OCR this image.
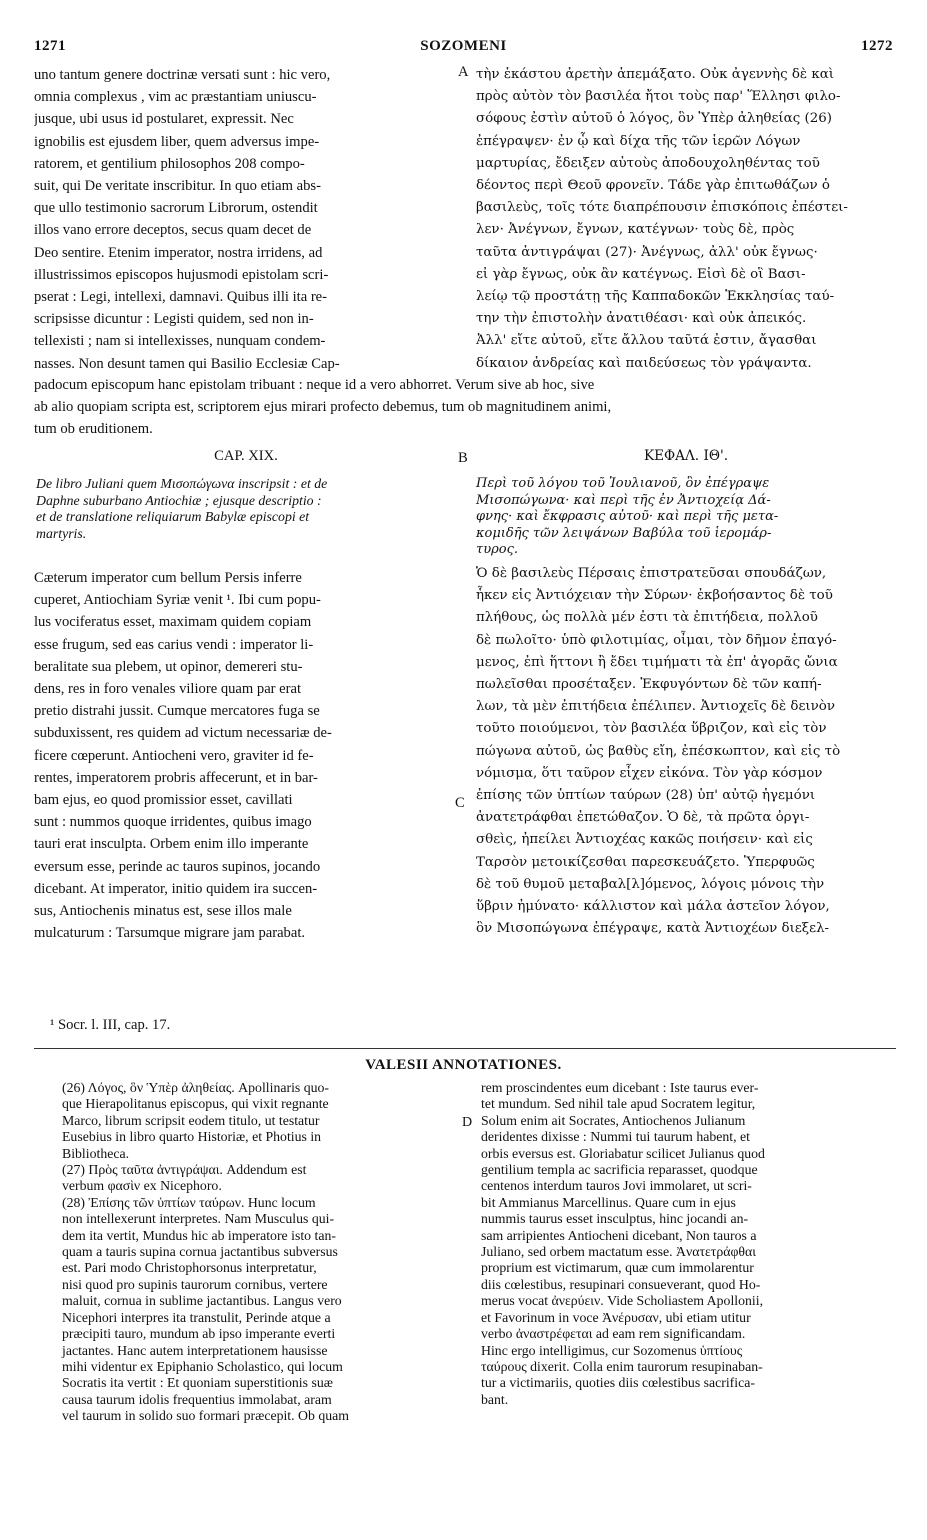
1271	SOZOMENI	1272
uno tantum genere doctrinæ versati sunt : hic vero,
omnia complexus , vim ac præstantiam uniuscu-
jusque, ubi usus id postularet, expressit. Nec
ignobilis est ejusdem liber, quem adversus impe-
ratorem, et gentilium philosophos 208 compo-
suit, qui De veritate inscribitur. In quo etiam abs-
que ullo testimonio sacrorum Librorum, ostendit
illos vano errore deceptos, secus quam decet de
Deo sentire. Etenim imperator, nostra irridens, ad
illustrissimos episcopos hujusmodi epistolam scri-
pserat : Legi, intellexi, damnavi. Quibus illi ita re-
scripsisse dicuntur : Legisti quidem, sed non in-
tellexisti ; nam si intellexisses, nunquam condem-
nasses. Non desunt tamen qui Basilio Ecclesiæ Cap-
τὴν ἑκάστου ἀρετὴν ἀπεμάξατο. Οὐκ ἀγεννὴς δὲ καὶ
πρὸς αὐτὸν τὸν βασιλέα ἤτοι τοὺς παρ' Ἕλλησι φιλο-
σόφους ἐστὶν αὐτοῦ ὁ λόγος, ὃν Ὑπὲρ ἀληθείας (26)
ἐπέγραψεν· ἐν ᾧ καὶ δίχα τῆς τῶν ἱερῶν Λόγων
μαρτυρίας, ἔδειξεν αὐτοὺς ἀποδουχοληθέντας τοῦ
δέοντος περὶ Θεοῦ φρονεῖν. Τάδε γὰρ ἐπιτωθάζων ὁ
βασιλεὺς, τοῖς τότε διαπρέπουσιν ἐπισκόποις ἐπέστει-
λεν· Ἀνέγνων, ἔγνων, κατέγνων· τοὺς δὲ, πρὸς
ταῦτα ἀντιγράψαι (27)· Ἀνέγνως, ἀλλ' οὐκ ἔγνως·
εἰ γὰρ ἔγνως, οὐκ ἂν κατέγνως. Εἰσὶ δὲ οἳ Βασι-
λείῳ τῷ προστάτῃ τῆς Καππαδοκῶν Ἐκκλησίας ταύ-
την τὴν ἐπιστολὴν ἀνατιθέασι· καὶ οὐκ ἀπεικός.
Ἀλλ' εἴτε αὐτοῦ, εἴτε ἄλλου ταῦτά ἐστιν, ἄγασθαι
δίκαιον ἀνδρείας καὶ παιδεύσεως τὸν γράψαντα.
A
padocum episcopum hanc epistolam tribuant : neque id a vero abhorret. Verum sive ab hoc, sive
ab alio quopiam scripta est, scriptorem ejus mirari profecto debemus, tum ob magnitudinem animi,
tum ob eruditionem.
CAP. XIX.	B	ΚΕΦΑΛ. ΙΘ'.
De libro Juliani quem Μισοπώγωνα inscripsit : et de
Daphne suburbano Antiochiæ ; ejusque descriptio :
et de translatione reliquiarum Babylæ episcopi et
martyris.
Περὶ τοῦ λόγου τοῦ Ἰουλιανοῦ, ὃν ἐπέγραψε
Μισοπώγωνα· καὶ περὶ τῆς ἐν Ἀντιοχείᾳ Δά-
φνης· καὶ ἔκφρασις αὐτοῦ· καὶ περὶ τῆς μετα-
κομιδῆς τῶν λειψάνων Βαβύλα τοῦ ἱερομάρ-
τυρος.
Cæterum imperator cum bellum Persis inferre
cuperet, Antiochiam Syriæ venit ¹. Ibi cum popu-
lus vociferatus esset, maximam quidem copiam
esse frugum, sed eas carius vendi : imperator li-
beralitate sua plebem, ut opinor, demereri stu-
dens, res in foro venales viliore quam par erat
pretio distrahi jussit. Cumque mercatores fuga se
subduxissent, res quidem ad victum necessariæ de-
ficere cœperunt. Antiocheni vero, graviter id fe-
rentes, imperatorem probris affecerunt, et in bar-
bam ejus, eo quod promissior esset, cavillati
sunt : nummos quoque irridentes, quibus imago
tauri erat insculpta. Orbem enim illo imperante
eversum esse, perinde ac tauros supinos, jocando
dicebant. At imperator, initio quidem ira succen-
sus, Antiochenis minatus est, sese illos male
mulcaturum : Tarsumque migrare jam parabat.
Ὁ δὲ βασιλεὺς Πέρσαις ἐπιστρατεῦσαι σπουδάζων,
ἧκεν εἰς Ἀντιόχειαν τὴν Σύρων· ἐκβοήσαντος δὲ τοῦ
πλήθους, ὡς πολλὰ μέν ἐστι τὰ ἐπιτήδεια, πολλοῦ
δὲ πωλοῖτο· ὑπὸ φιλοτιμίας, οἶμαι, τὸν δῆμον ἐπαγό-
μενος, ἐπὶ ἥττονι ἢ ἔδει τιμήματι τὰ ἐπ' ἀγορᾶς ὤνια
πωλεῖσθαι προσέταξεν. Ἐκφυγόντων δὲ τῶν καπή-
λων, τὰ μὲν ἐπιτήδεια ἐπέλιπεν. Ἀντιοχεῖς δὲ δεινὸν
τοῦτο ποιούμενοι, τὸν βασιλέα ὕβριζον, καὶ εἰς τὸν
πώγωνα αὐτοῦ, ὡς βαθὺς εἴη, ἐπέσκωπτον, καὶ εἰς τὸ
νόμισμα, ὅτι ταῦρον εἶχεν εἰκόνα. Τὸν γὰρ κόσμον
ἐπίσης τῶν ὑπτίων ταύρων (28) ὑπ' αὐτῷ ἡγεμόνι
ἀνατετράφθαι ἐπετώθαζον. Ὁ δὲ, τὰ πρῶτα ὀργι-
σθεὶς, ἠπείλει Ἀντιοχέας κακῶς ποιήσειν· καὶ εἰς
Ταρσὸν μετοικίζεσθαι παρεσκευάζετο. Ὑπερφυῶς
δὲ τοῦ θυμοῦ μεταβαλ[λ]όμενος, λόγοις μόνοις τὴν
ὕβριν ἠμύνατο· κάλλιστον καὶ μάλα ἀστεῖον λόγον,
ὃν Μισοπώγωνα ἐπέγραψε, κατὰ Ἀντιοχέων διεξελ-
C
¹ Socr. l. III, cap. 17.
VALESII ANNOTATIONES.
(26) Λόγος, ὃν Ὑπὲρ ἀληθείας. Apollinaris quo-
que Hierapolitanus episcopus, qui vixit regnante
Marco, librum scripsit eodem titulo, ut testatur
Eusebius in libro quarto Historiæ, et Photius in
Bibliotheca.
(27) Πρὸς ταῦτα ἀντιγράψαι. Addendum est
verbum φασὶν ex Nicephoro.
(28) Ἐπίσης τῶν ὑπτίων ταύρων. Hunc locum
non intellexerunt interpretes. Nam Musculus qui-
dem ita vertit, Mundus hic ab imperatore isto tan-
quam a tauris supina cornua jactantibus subversus
est. Pari modo Christophorsonus interpretatur,
nisi quod pro supinis taurorum cornibus, vertere
maluit, cornua in sublime jactantibus. Langus vero
Nicephori interpres ita transtulit, Perinde atque a
præcipiti tauro, mundum ab ipso imperante everti
jactantes. Hanc autem interpretationem hausisse
mihi videntur ex Epiphanio Scholastico, qui locum
Socratis ita vertit : Et quoniam superstitionis suæ
causa taurum idolis frequentius immolabat, aram
vel taurum in solido suo formari præcepit. Ob quam
D
rem proscindentes eum dicebant : Iste taurus ever-
tet mundum. Sed nihil tale apud Socratem legitur,
Solum enim ait Socrates, Antiochenos Julianum
deridentes dixisse : Nummi tui taurum habent, et
orbis eversus est. Gloriabatur scilicet Julianus quod
gentilium templa ac sacrificia reparasset, quodque
centenos interdum tauros Jovi immolaret, ut scri-
bit Ammianus Marcellinus. Quare cum in ejus
nummis taurus esset insculptus, hinc jocandi an-
sam arripientes Antiocheni dicebant, Non tauros a
Juliano, sed orbem mactatum esse. Ἀνατετράφθαι
proprium est victimarum, quæ cum immolarentur
diis cœlestibus, resupinari consueverant, quod Ho-
merus vocat ἀνερύειν. Vide Scholiastem Apollonii,
et Favorinum in voce Ἀνέρυσαν, ubi etiam utitur
verbo ἀναστρέφεται ad eam rem significandam.
Hinc ergo intelligimus, cur Sozomenus ὑπτίους
ταύρους dixerit. Colla enim taurorum resupinaban-
tur a victimariis, quoties diis cœlestibus sacrifica-
bant.
